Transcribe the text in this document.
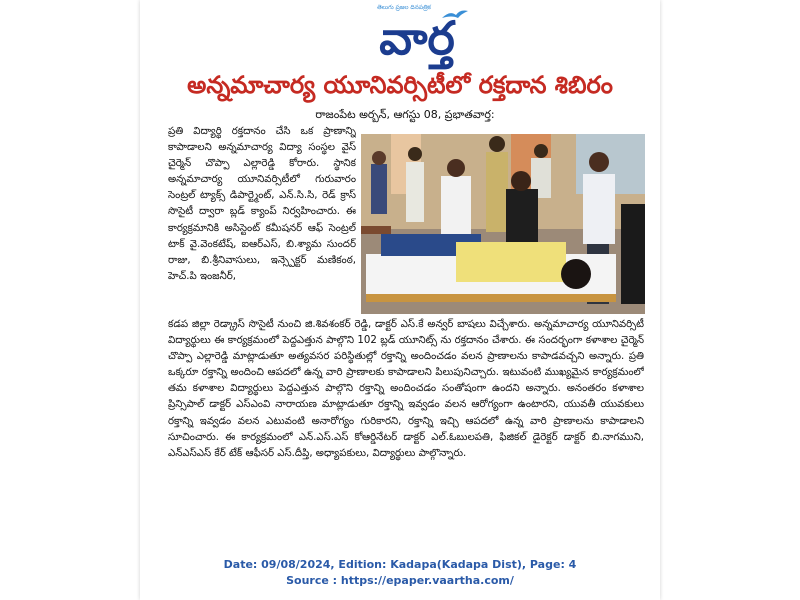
తెలుగు ప్రజల దినపత్రిక
వార్త
అన్నమాచార్య యూనివర్సిటీలో రక్తదాన శిబిరం
రాజంపేట అర్బన్, ఆగస్టు 08, ప్రభాతవార్త:
ప్రతి విద్యార్థి రక్తదానం చేసి ఒక ప్రాణాన్ని కాపాడాలని అన్నమాచార్య విద్యా సంస్థల వైస్ చైర్మెన్ చొప్పా ఎల్లారెడ్డి కోరారు. స్థానిక అన్నమాచార్య యూనివర్సిటీలో గురువారం సెంట్రల్ ట్యాక్స్ డిపార్ట్మెంట్, ఎన్.సి.సి, రెడ్ క్రాస్ సొసైటీ ద్వారా బ్లడ్ క్యాంప్ నిర్వహించారు. ఈ కార్యక్రమానికి అసిస్టెంట్ కమీషనర్ ఆఫ్ సెంట్రల్ టాక్ వై.వెంకటేష్, ఐఆర్ఎస్, బి.శ్యామ సుందర్ రాజు, బి.శ్రీనివాసులు, ఇన్స్పెక్టర్ మణికంఠ, హెచ్.పి ఇంజనీర్,
కడప జిల్లా రెడ్క్రాస్ సొసైటీ నుంచి జి.శివశంకర్ రెడ్డి, డాక్టర్ ఎస్.కే అన్వర్ బాషలు విచ్చేశారు. అన్నమాచార్య యూనివర్సిటీ విద్యార్థులు ఈ కార్యక్రమంలో పెద్దఎత్తున పాల్గొని 102 బ్లడ్ యూనిట్స్ ను రక్తదానం చేశారు. ఈ సందర్భంగా కళాశాల చైర్మెన్ చొప్పా ఎల్లారెడ్డి మాట్లాడుతూ అత్యవసర పరిస్థితుల్లో రక్తాన్ని అందించడం వలన ప్రాణాలను కాపాడవచ్చని అన్నారు. ప్రతి ఒక్కరూ రక్తాన్ని అందించి ఆపదలో ఉన్న వారి ప్రాణాలకు కాపాడాలని పిలుపునిచ్చారు. ఇటువంటి ముఖ్యమైన కార్యక్రమంలో తమ కళాశాల విద్యార్థులు పెద్దఎత్తున పాల్గొని రక్తాన్ని అందించడం సంతోషంగా ఉందని అన్నారు. అనంతరం కళాశాల ప్రిన్సిపాల్ డాక్టర్ ఎస్ఎంవి నారాయణ మాట్లాడుతూ రక్తాన్ని ఇవ్వడం వలన ఆరోగ్యంగా ఉంటారని, యువతీ యువకులు రక్తాన్ని ఇవ్వడం వలన ఎటువంటి అనారోగ్యం గురికారని, రక్తాన్ని ఇచ్చి ఆపదలో ఉన్న వారి ప్రాణాలను కాపాడాలని సూచించారు. ఈ కార్యక్రమంలో ఎన్.ఎస్.ఎస్ కోఆర్డినేటర్ డాక్టర్ ఎల్.ఓబులపతి, ఫిజికల్ డైరెక్టర్ డాక్టర్ బి.నాగముని, ఎన్ఎస్ఎస్ కేర్ టేక్ ఆఫీసర్ ఎస్.దీప్తి, అధ్యాపకులు, విద్యార్థులు పాల్గొన్నారు.
Date: 09/08/2024, Edition: Kadapa(Kadapa Dist), Page: 4
Source : https://epaper.vaartha.com/
